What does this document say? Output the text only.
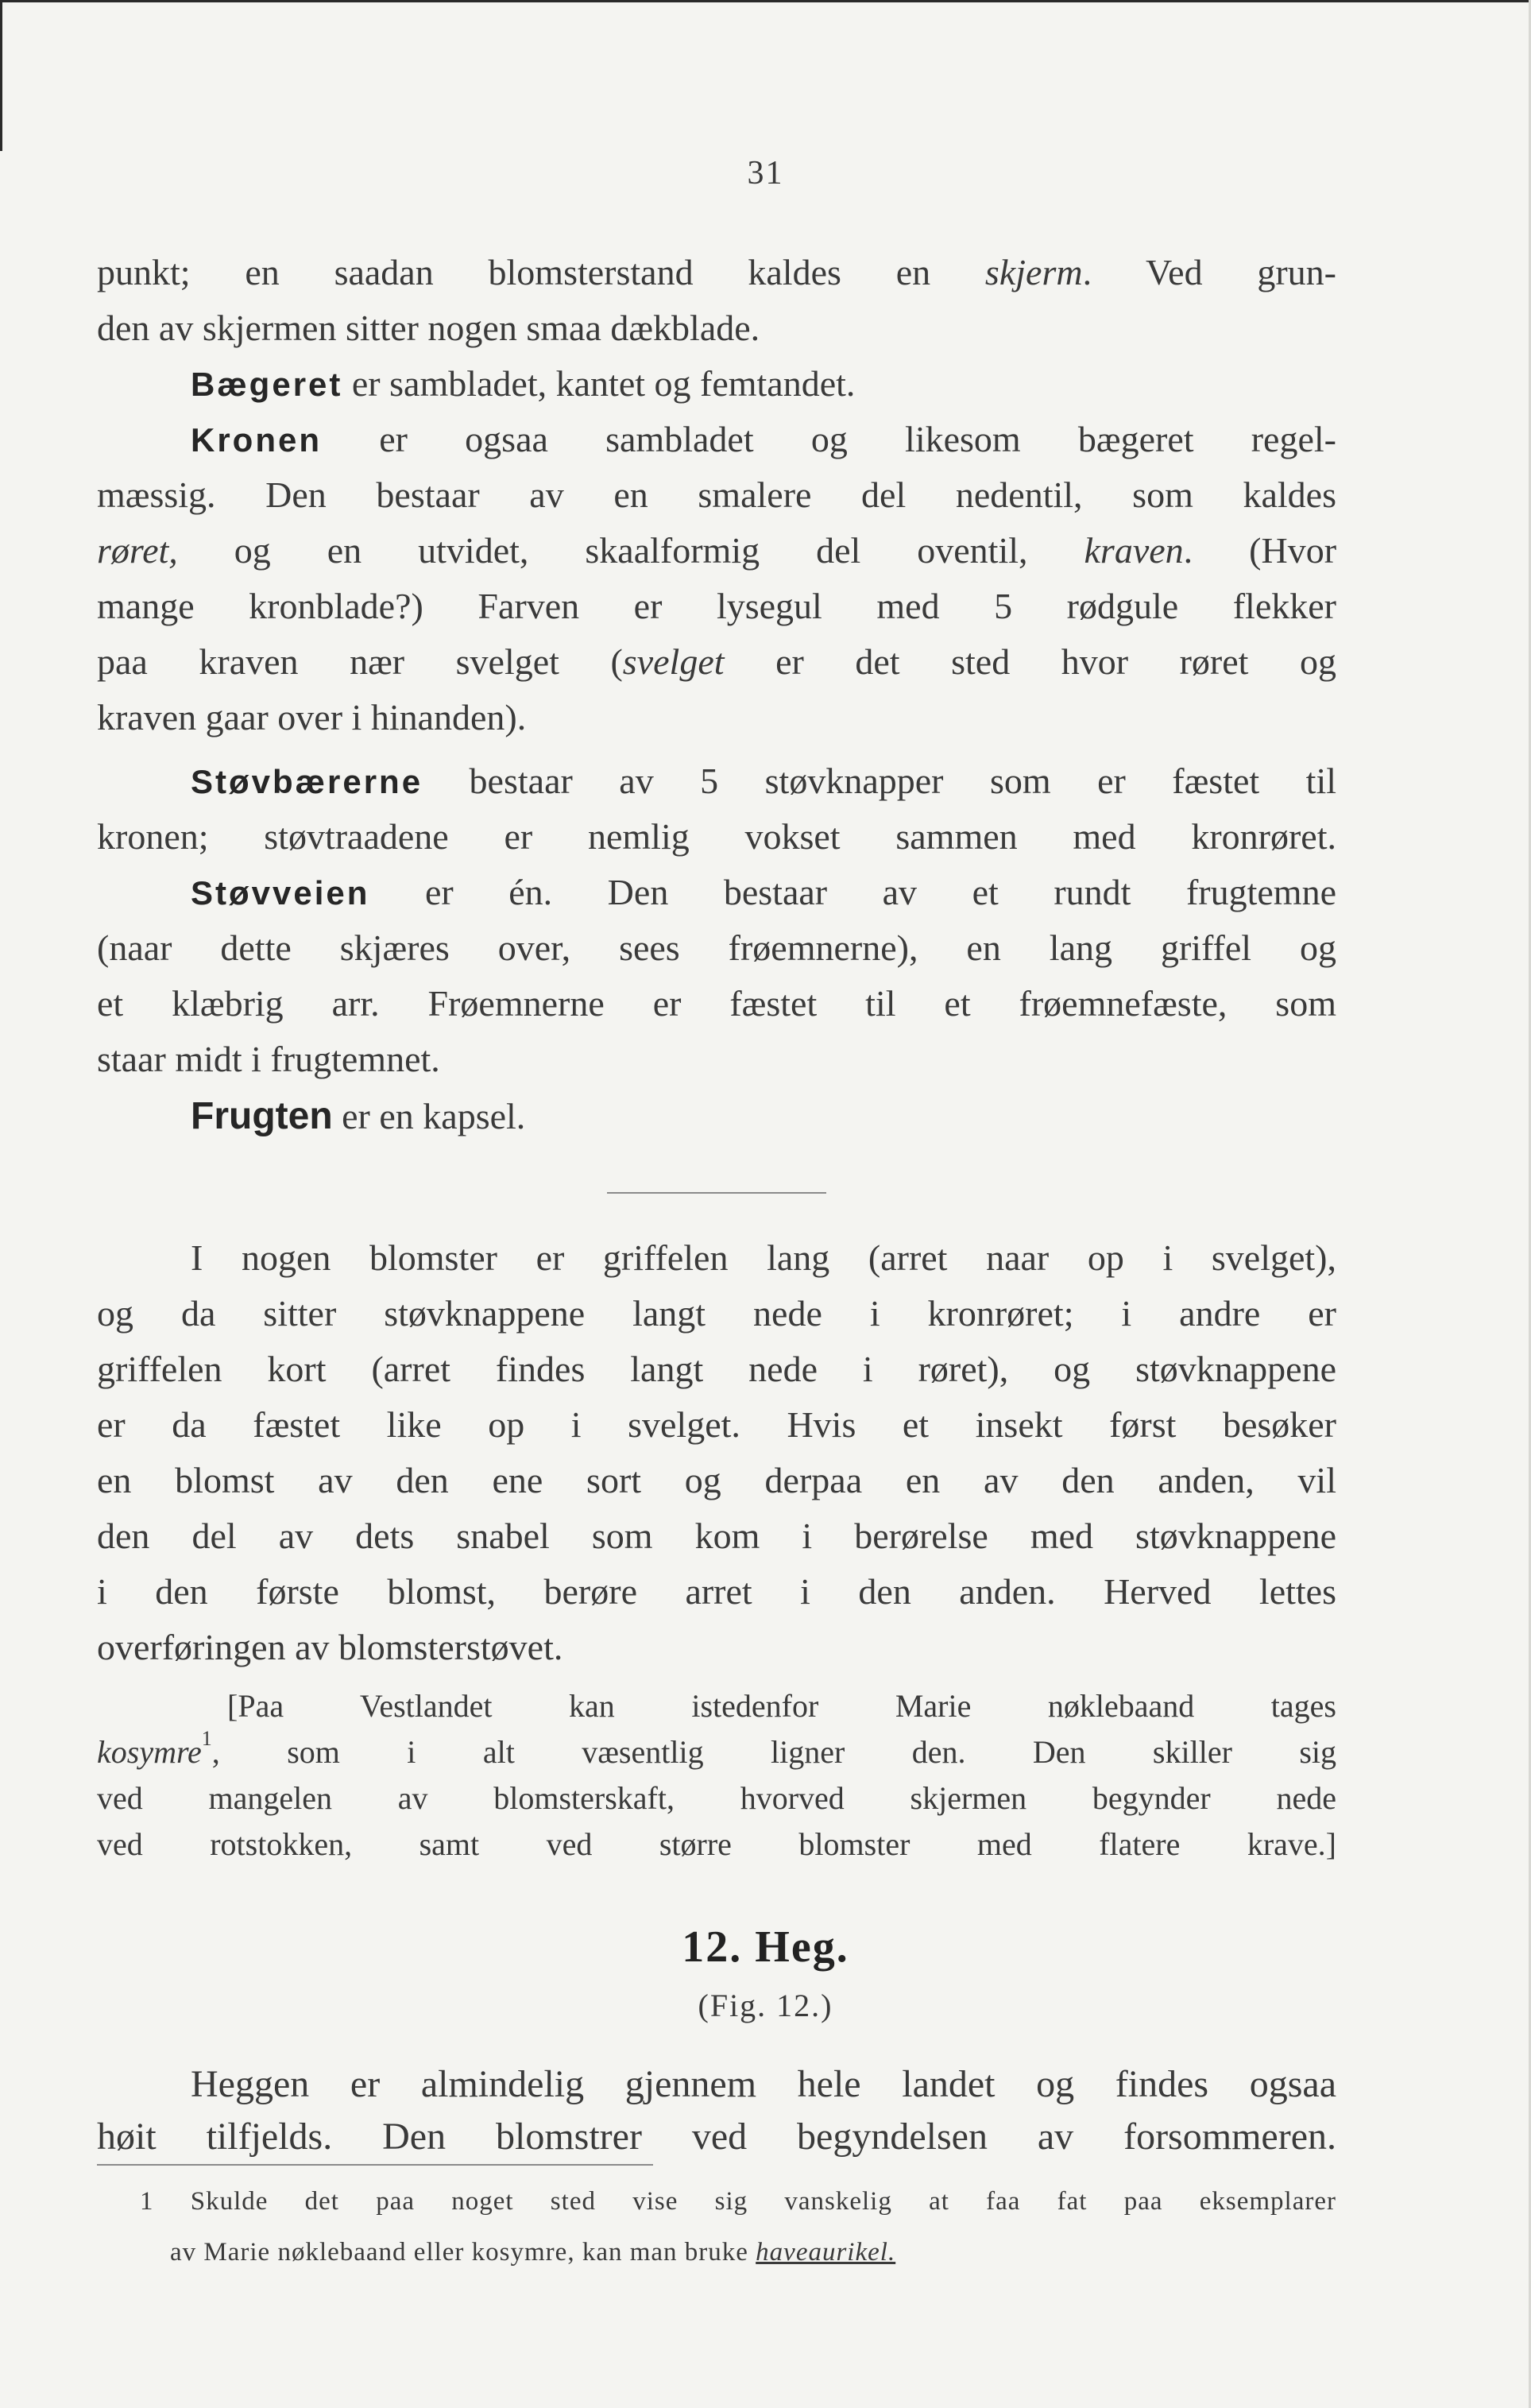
31
punkt; en saadan blomsterstand kaldes en skjerm. Ved grun-
den av skjermen sitter nogen smaa dækblade.
Bægeret er sambladet, kantet og femtandet.
Kronen er ogsaa sambladet og likesom bægeret regel-
mæssig. Den bestaar av en smalere del nedentil, som kaldes
røret, og en utvidet, skaalformig del oventil, kraven. (Hvor
mange kronblade?) Farven er lysegul med 5 rødgule flekker
paa kraven nær svelget (svelget er det sted hvor røret og
kraven gaar over i hinanden).
Støvbærerne bestaar av 5 støvknapper som er fæstet til
kronen; støvtraadene er nemlig vokset sammen med kronrøret.
Støvveien er én. Den bestaar av et rundt frugtemne
(naar dette skjæres over, sees frøemnerne), en lang griffel og
et klæbrig arr. Frøemnerne er fæstet til et frøemnefæste, som
staar midt i frugtemnet.
Frugten er en kapsel.
I nogen blomster er griffelen lang (arret naar op i svelget),
og da sitter støvknappene langt nede i kronrøret; i andre er
griffelen kort (arret findes langt nede i røret), og støvknappene
er da fæstet like op i svelget. Hvis et insekt først besøker
en blomst av den ene sort og derpaa en av den anden, vil
den del av dets snabel som kom i berørelse med støvknappene
i den første blomst, berøre arret i den anden. Herved lettes
overføringen av blomsterstøvet.
[Paa Vestlandet kan istedenfor Marie nøklebaand tages
kosymre$^1$, som i alt væsentlig ligner den. Den skiller sig
ved mangelen av blomsterskaft, hvorved skjermen begynder nede
ved rotstokken, samt ved større blomster med flatere krave.]
12. Heg.
(Fig. 12.)
Heggen er almindelig gjennem hele landet og findes ogsaa
høit tilfjelds. Den blomstrer ved begyndelsen av forsommeren.
1 Skulde det paa noget sted vise sig vanskelig at faa fat paa eksemplarer
av Marie nøklebaand eller kosymre, kan man bruke haveaurikel.
